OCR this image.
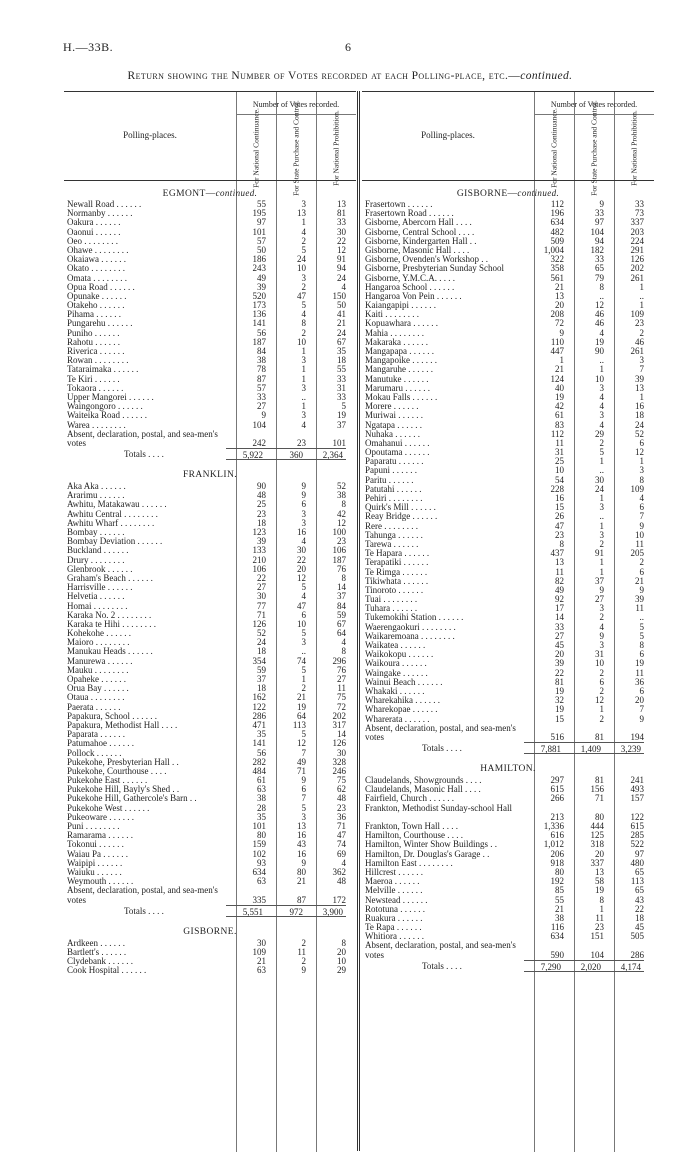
H.—33B.	6
Return showing the Number of Votes recorded at each Polling-place, etc.—continued.
Polling-places.
Number of Votes recorded.
For National Continuance.	For State Purchase and Control.	For National Prohibition.
EGMONT—continued.
Newall Road . . . . . .	55	3	13
Normanby . . . . . .	195	13	81
Oakura . . . . . .	97	1	33
Oaonui . . . . . .	101	4	30
Oeo . . . . . . . .	57	2	22
Ohawe . . . . . . . .	50	5	12
Okaiawa . . . . . .	186	24	91
Okato . . . . . . . .	243	10	94
Omata . . . . . . . .	49	3	24
Opua Road . . . . . .	39	2	4
Opunake . . . . . .	520	47	150
Otakeho . . . . . .	173	5	50
Pihama . . . . . .	136	4	41
Pungarehu . . . . . .	141	8	21
Puniho . . . . . .	56	2	24
Rahotu . . . . . .	187	10	67
Riverica . . . . . .	84	1	35
Rowan . . . . . . . .	38	3	18
Tataraimaka . . . . . .	78	1	55
Te Kiri . . . . . .	87	1	33
Tokaora . . . . . .	57	3	31
Upper Mangorei . . . . . .	33	..	33
Waingongoro . . . . . .	27	1	5
Waiteika Road . . . . . .	9	3	19
Warea . . . . . . . .	104	4	37
Absent, declaration, postal, and sea-men's votes	242	23	101
Totals . . . .	5,922	360	2,364
FRANKLIN.
Aka Aka . . . . . .	90	9	52
Ararimu . . . . . .	48	9	38
Awhitu, Matakawau . . . . . .	25	6	8
Awhitu Central . . . . . . . .	23	3	42
Awhitu Wharf . . . . . . . .	18	3	12
Bombay . . . . . .	123	16	100
Bombay Deviation . . . . . .	39	4	23
Buckland . . . . . .	133	30	106
Drury . . . . . . . .	210	22	187
Glenbrook . . . . . .	106	20	76
Graham's Beach . . . . . .	22	12	8
Harrisville . . . . . .	27	5	14
Helvetia . . . . . .	30	4	37
Homai . . . . . . . .	77	47	84
Karaka No. 2 . . . . . . . .	71	6	59
Karaka te Hihi . . . . . . . .	126	10	67
Kohekohe . . . . . .	52	5	64
Maioro . . . . . . . .	24	3	4
Manukau Heads . . . . . .	18	..	8
Manurewa . . . . . .	354	74	296
Mauku . . . . . . . .	59	5	76
Opaheke . . . . . .	37	1	27
Orua Bay . . . . . .	18	2	11
Otaua . . . . . . . .	162	21	75
Paerata . . . . . .	122	19	72
Papakura, School . . . . . .	286	64	202
Papakura, Methodist Hall . . . .	471	113	317
Paparata . . . . . .	35	5	14
Patumahoe . . . . . .	141	12	126
Pollock . . . . . .	56	7	30
Pukekohe, Presbyterian Hall . .	282	49	328
Pukekohe, Courthouse . . . .	484	71	246
Pukekohe East . . . . . .	61	9	75
Pukekohe Hill, Bayly's Shed . .	63	6	62
Pukekohe Hill, Gathercole's Barn . .	38	7	48
Pukekohe West . . . . . .	28	5	23
Pukeoware . . . . . .	35	3	36
Puni . . . . . . . .	101	13	71
Ramarama . . . . . .	80	16	47
Tokonui . . . . . .	159	43	74
Waiau Pa . . . . . .	102	16	69
Waipipi . . . . . .	93	9	4
Waiuku . . . . . .	634	80	362
Weymouth . . . . . .	63	21	48
Absent, declaration, postal, and sea-men's votes	335	87	172
Totals . . . .	5,551	972	3,900
GISBORNE.
Ardkeen . . . . . .	30	2	8
Bartlett's . . . . . .	109	11	20
Clydebank . . . . . .	21	2	10
Cook Hospital . . . . . .	63	9	29
Polling-places.
Number of Votes recorded.
For National Continuance.	For State Purchase and Control.	For National Prohibition.
GISBORNE—continued.
Frasertown . . . . . .	112	9	33
Frasertown Road . . . . . .	196	33	73
Gisborne, Abercorn Hall . . . .	634	97	337
Gisborne, Central School . . . .	482	104	203
Gisborne, Kindergarten Hall . .	509	94	224
Gisborne, Masonic Hall . . . .	1,004	182	291
Gisborne, Ovenden's Workshop . .	322	33	126
Gisborne, Presbyterian Sunday School	358	65	202
Gisborne, Y.M.C.A. . . . .	561	79	261
Hangaroa School . . . . . .	21	8	1
Hangaroa Von Pein . . . . . .	13	..	..
Kaiangapipi . . . . . .	20	12	1
Kaiti . . . . . . . .	208	46	109
Kopuawhara . . . . . .	72	46	23
Mahia . . . . . . . .	9	4	2
Makaraka . . . . . .	110	19	46
Mangapapa . . . . . .	447	90	261
Mangapoike . . . . . .	1	..	3
Mangaruhe . . . . . .	21	1	7
Manutuke . . . . . .	124	10	39
Marumaru . . . . . .	40	3	13
Mokau Falls . . . . . .	19	4	1
Morere . . . . . .	42	4	16
Muriwai . . . . . .	61	3	18
Ngatapa . . . . . .	83	4	24
Nuhaka . . . . . .	112	29	52
Omahanui . . . . . .	11	2	6
Opoutama . . . . . .	31	5	12
Paparatu . . . . . .	25	1	1
Papuni . . . . . .	10	..	3
Paritu . . . . . .	54	30	8
Patutahi . . . . . .	228	24	109
Pehiri . . . . . . . .	16	1	4
Quirk's Mill . . . . . .	15	3	6
Reay Bridge . . . . . .	26	..	7
Rere . . . . . . . .	47	1	9
Tahunga . . . . . .	23	3	10
Tarewa . . . . . .	8	2	11
Te Hapara . . . . . .	437	91	205
Terapatiki . . . . . .	13	1	2
Te Rimga . . . . . .	11	1	6
Tikiwhata . . . . . .	82	37	21
Tinoroto . . . . . .	49	9	9
Tuai . . . . . . . .	92	27	39
Tuhara . . . . . .	17	3	11
Tukemokihi Station . . . . . .	14	2	..
Waerengaokuri . . . . . . . .	33	4	5
Waikaremoana . . . . . . . .	27	9	5
Waikatea . . . . . .	45	3	8
Waikokopu . . . . . .	20	31	6
Waikoura . . . . . .	39	10	19
Waingake . . . . . .	22	2	11
Wainui Beach . . . . . .	81	6	36
Whakaki . . . . . .	19	2	6
Wharekahika . . . . . .	32	12	20
Wharekopae . . . . . .	19	1	7
Wharerata . . . . . .	15	2	9
Absent, declaration, postal, and sea-men's votes	516	81	194
Totals . . . .	7,881	1,409	3,239
HAMILTON.
Claudelands, Showgrounds . . . .	297	81	241
Claudelands, Masonic Hall . . . .	615	156	493
Fairfield, Church . . . . . .	266	71	157
Frankton, Methodist Sunday-school Hall
213	80	122
Frankton, Town Hall . . . .	1,336	444	615
Hamilton, Courthouse . . . .	616	125	285
Hamilton, Winter Show Buildings . .	1,012	318	522
Hamilton, Dr. Douglas's Garage . .	206	20	97
Hamilton East . . . . . . . .	918	337	480
Hillcrest . . . . . .	80	13	65
Maeroa . . . . . .	192	58	113
Melville . . . . . .	85	19	65
Newstead . . . . . .	55	8	43
Rototuna . . . . . .	21	1	22
Ruakura . . . . . .	38	11	18
Te Rapa . . . . . .	116	23	45
Whitiora . . . . . .	634	151	505
Absent, declaration, postal, and sea-men's votes	590	104	286
Totals . . . .	7,290	2,020	4,174
